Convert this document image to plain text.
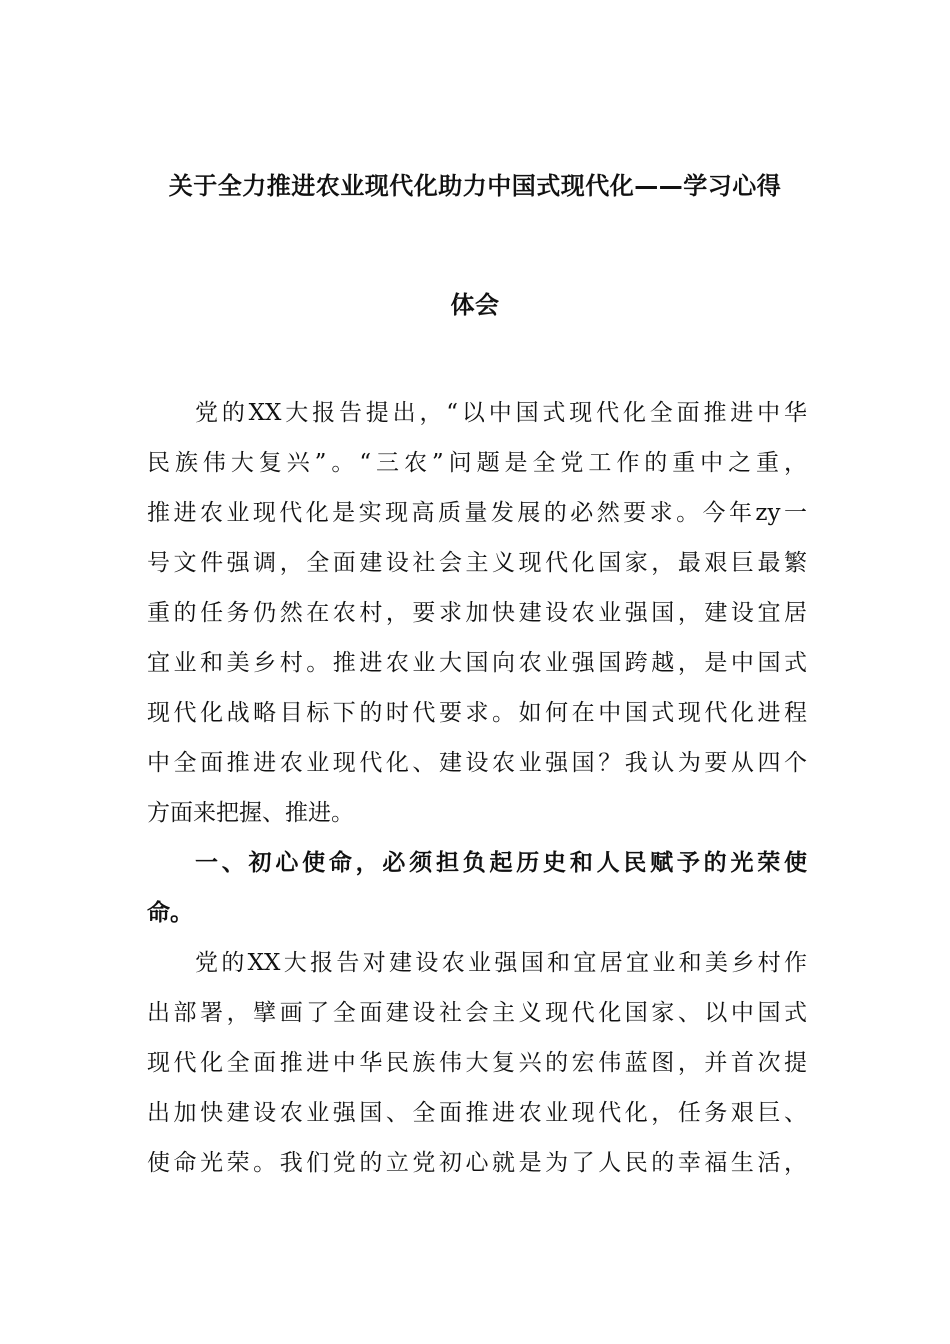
关于全力推进农业现代化助力中国式现代化——学习心得
体会
党的XX大报告提出，“以中国式现代化全面推进中华
民族伟大复兴”。“三农”问题是全党工作的重中之重，
推进农业现代化是实现高质量发展的必然要求。今年zy一
号文件强调，全面建设社会主义现代化国家，最艰巨最繁
重的任务仍然在农村，要求加快建设农业强国，建设宜居
宜业和美乡村。推进农业大国向农业强国跨越，是中国式
现代化战略目标下的时代要求。如何在中国式现代化进程
中全面推进农业现代化、建设农业强国？我认为要从四个
方面来把握、推进。
一、初心使命，必须担负起历史和人民赋予的光荣使
命。
党的XX大报告对建设农业强国和宜居宜业和美乡村作
出部署，擘画了全面建设社会主义现代化国家、以中国式
现代化全面推进中华民族伟大复兴的宏伟蓝图，并首次提
出加快建设农业强国、全面推进农业现代化，任务艰巨、
使命光荣。我们党的立党初心就是为了人民的幸福生活，
